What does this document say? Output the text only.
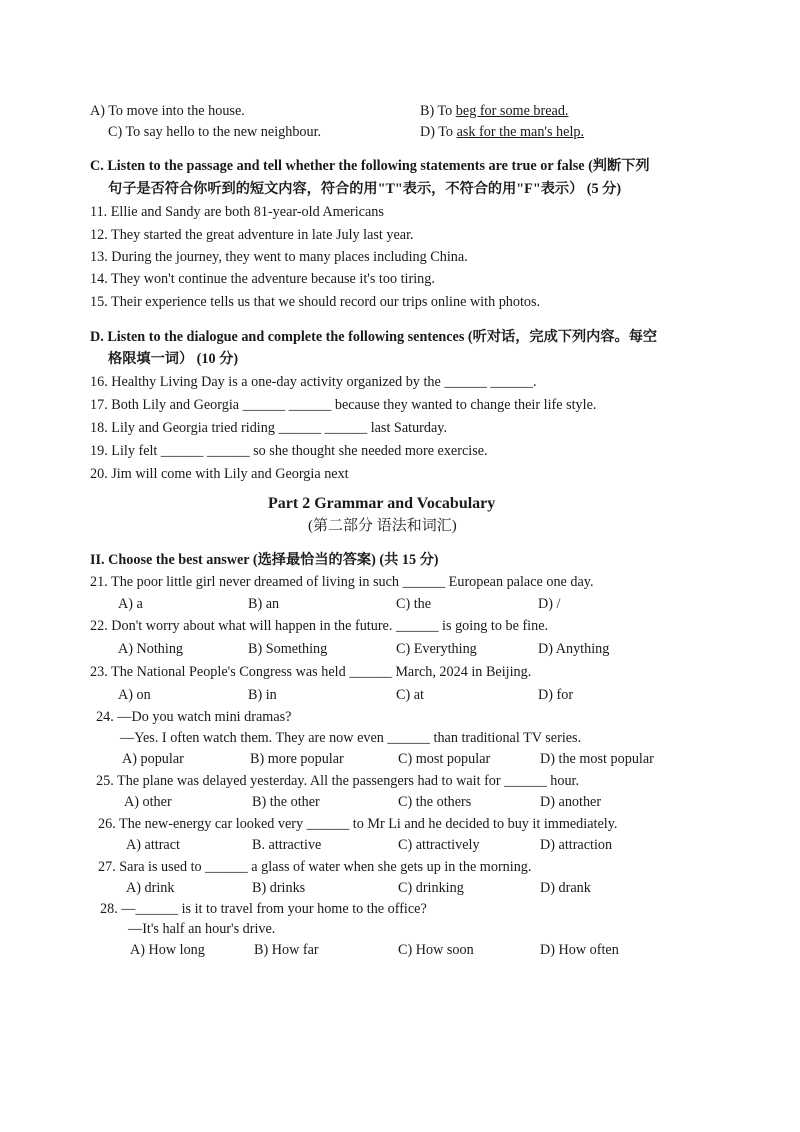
A) To move into the house.	B) To beg for some bread.
C) To say hello to the new neighbour.	D) To ask for the man's help.
C. Listen to the passage and tell whether the following statements are true or false (判断下列
句子是否符合你听到的短文内容，符合的用"T"表示，不符合的用"F"表示） (5 分)
11. Ellie and Sandy are both 81-year-old Americans
12. They started the great adventure in late July last year.
13. During the journey, they went to many places including China.
14. They won't continue the adventure because it's too tiring.
15. Their experience tells us that we should record our trips online with photos.
D. Listen to the dialogue and complete the following sentences (听对话，完成下列内容。每空
格限填一词） (10 分)
16. Healthy Living Day is a one-day activity organized by the ______ ______.
17. Both Lily and Georgia ______ ______ because they wanted to change their life style.
18. Lily and Georgia tried riding ______ ______ last Saturday.
19. Lily felt ______ ______ so she thought she needed more exercise.
20. Jim will come with Lily and Georgia next
Part 2 Grammar and Vocabulary
(第二部分 语法和词汇)
II. Choose the best answer (选择最恰当的答案) (共 15 分)
21. The poor little girl never dreamed of living in such ______ European palace one day.
A) a	B) an	C) the	D) /
22. Don't worry about what will happen in the future. ______ is going to be fine.
A) Nothing	B) Something	C) Everything	D) Anything
23. The National People's Congress was held ______ March, 2024 in Beijing.
A) on	B) in	C) at	D) for
24. —Do you watch mini dramas?
—Yes. I often watch them. They are now even ______ than traditional TV series.
A) popular	B) more popular	C) most popular	D) the most popular
25. The plane was delayed yesterday. All the passengers had to wait for ______ hour.
A) other	B) the other	C) the others	D) another
26. The new-energy car looked very ______ to Mr Li and he decided to buy it immediately.
A) attract	B. attractive	C) attractively	D) attraction
27. Sara is used to ______ a glass of water when she gets up in the morning.
A) drink	B) drinks	C) drinking	D) drank
28. —______ is it to travel from your home to the office?
—It's half an hour's drive.
A) How long	B) How far	C) How soon	D) How often
